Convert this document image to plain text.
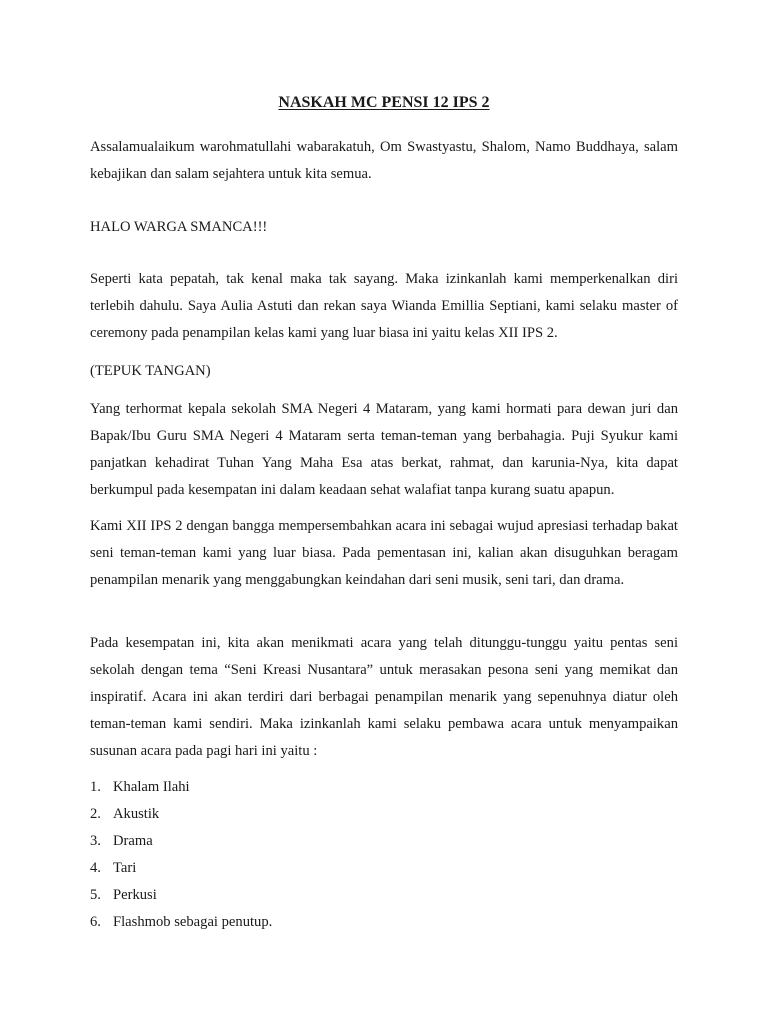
NASKAH MC PENSI 12 IPS 2

Assalamualaikum warohmatullahi wabarakatuh, Om Swastyastu, Shalom, Namo Buddhaya, salam kebajikan dan salam sejahtera untuk kita semua.

HALO WARGA SMANCA!!!

Seperti kata pepatah, tak kenal maka tak sayang. Maka izinkanlah kami memperkenalkan diri terlebih dahulu. Saya Aulia Astuti dan rekan saya Wianda Emillia Septiani, kami selaku master of ceremony pada penampilan kelas kami yang luar biasa ini yaitu kelas XII IPS 2.

(TEPUK TANGAN)

Yang terhormat kepala sekolah SMA Negeri 4 Mataram, yang kami hormati para dewan juri dan Bapak/Ibu Guru SMA Negeri 4 Mataram serta teman-teman yang berbahagia. Puji Syukur kami panjatkan kehadirat Tuhan Yang Maha Esa atas berkat, rahmat, dan karunia-Nya, kita dapat berkumpul pada kesempatan ini dalam keadaan sehat walafiat tanpa kurang suatu apapun.

Kami XII IPS 2 dengan bangga mempersembahkan acara ini sebagai wujud apresiasi terhadap bakat seni teman-teman kami yang luar biasa. Pada pementasan ini, kalian akan disuguhkan beragam penampilan menarik yang menggabungkan keindahan dari seni musik, seni tari, dan drama.

Pada kesempatan ini, kita akan menikmati acara yang telah ditunggu-tunggu yaitu pentas seni sekolah dengan tema “Seni Kreasi Nusantara” untuk merasakan pesona seni yang memikat dan inspiratif. Acara ini akan terdiri dari berbagai penampilan menarik yang sepenuhnya diatur oleh teman-teman kami sendiri. Maka izinkanlah kami selaku pembawa acara untuk menyampaikan susunan acara pada pagi hari ini yaitu :

1. Khalam Ilahi
2. Akustik
3. Drama
4. Tari
5. Perkusi
6. Flashmob sebagai penutup.
